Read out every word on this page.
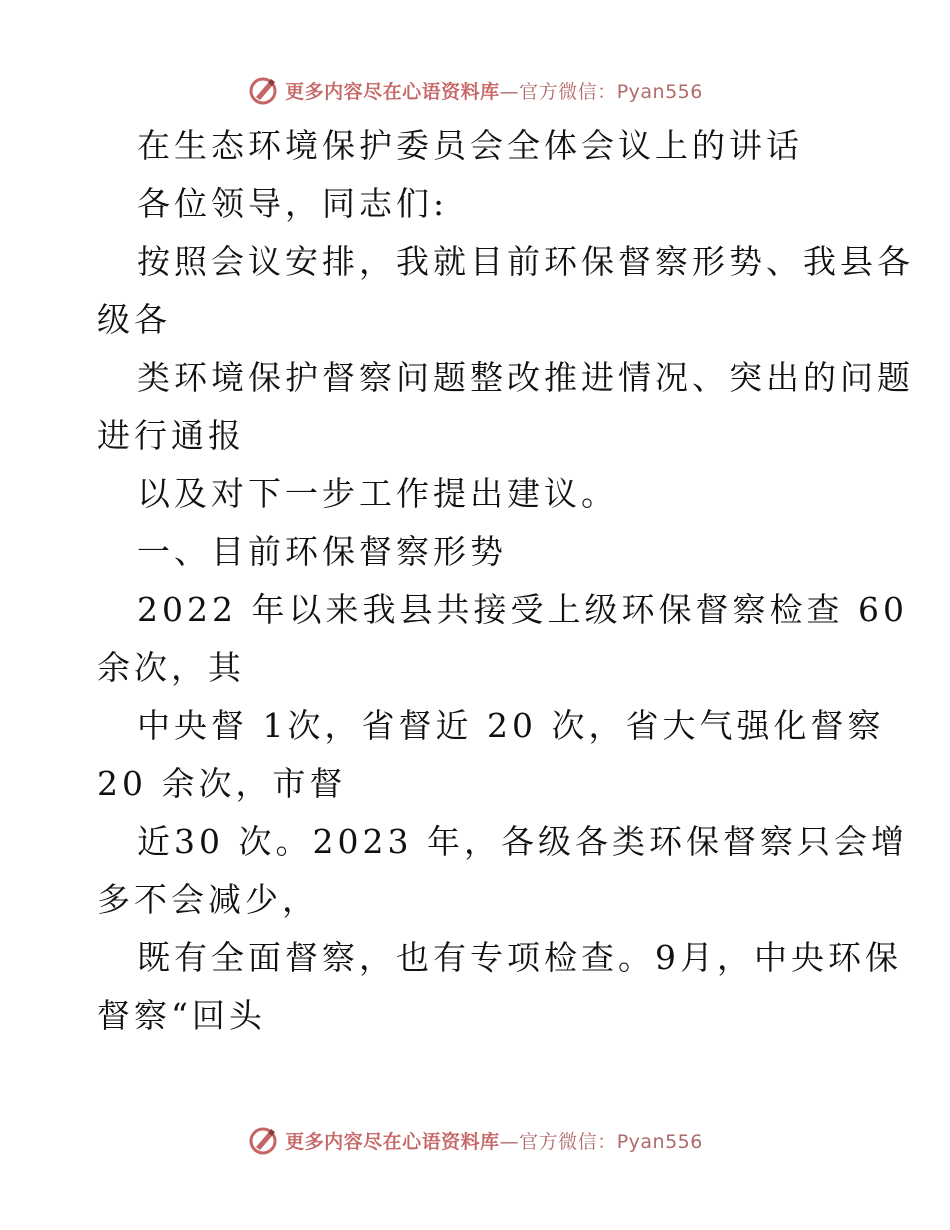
更多内容尽在心语资料库—官方微信：Pyan556
在生态环境保护委员会全体会议上的讲话
各位领导，同志们:
按照会议安排，我就目前环保督察形势、我县各
级各
类环境保护督察问题整改推进情况、突出的问题
进行通报
以及对下一步工作提出建议。
一、目前环保督察形势
2022 年以来我县共接受上级环保督察检查 60
余次，其
中央督 1次，省督近 20 次，省大气强化督察
20 余次，市督
近30 次。2023 年，各级各类环保督察只会增
多不会减少，
既有全面督察，也有专项检查。9月，中央环保
督察“回头
更多内容尽在心语资料库—官方微信：Pyan556
